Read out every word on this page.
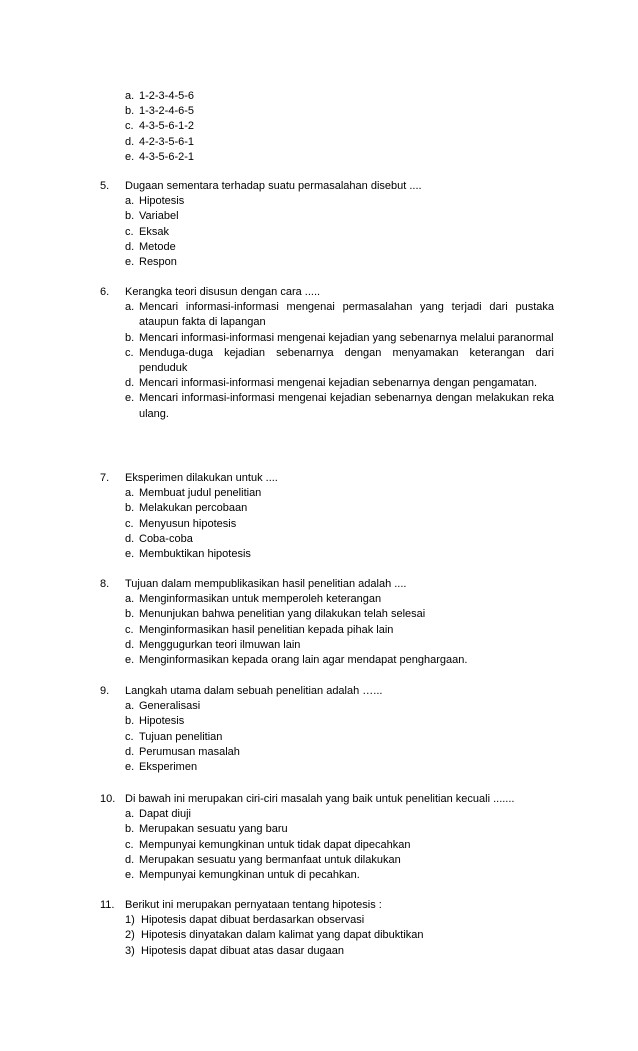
a. 1-2-3-4-5-6
b. 1-3-2-4-6-5
c. 4-3-5-6-1-2
d. 4-2-3-5-6-1
e. 4-3-5-6-2-1
5.	Dugaan sementara terhadap suatu permasalahan disebut ....
a. Hipotesis
b. Variabel
c. Eksak
d. Metode
e. Respon
6.	Kerangka teori disusun dengan cara .....
a. Mencari informasi-informasi mengenai permasalahan yang terjadi dari pustaka ataupun fakta di lapangan
b. Mencari informasi-informasi mengenai kejadian yang sebenarnya melalui paranormal
c. Menduga-duga kejadian sebenarnya dengan menyamakan keterangan dari penduduk
d. Mencari informasi-informasi mengenai kejadian sebenarnya dengan pengamatan.
e. Mencari informasi-informasi mengenai kejadian sebenarnya dengan melakukan reka ulang.
7.	Eksperimen dilakukan untuk ....
a. Membuat judul penelitian
b. Melakukan percobaan
c. Menyusun hipotesis
d. Coba-coba
e. Membuktikan hipotesis
8.	Tujuan dalam mempublikasikan hasil penelitian adalah ....
a. Menginformasikan untuk memperoleh keterangan
b. Menunjukan bahwa penelitian yang dilakukan telah selesai
c. Menginformasikan hasil penelitian kepada pihak lain
d. Menggugurkan teori ilmuwan lain
e. Menginformasikan kepada orang lain agar mendapat penghargaan.
9.	Langkah utama dalam sebuah penelitian adalah …...
a. Generalisasi
b. Hipotesis
c. Tujuan penelitian
d. Perumusan masalah
e. Eksperimen
10. Di bawah ini merupakan ciri-ciri masalah yang baik untuk penelitian kecuali .......
a. Dapat diuji
b. Merupakan sesuatu yang baru
c. Mempunyai kemungkinan untuk tidak dapat dipecahkan
d. Merupakan sesuatu yang bermanfaat untuk dilakukan
e. Mempunyai kemungkinan untuk di pecahkan.
11. Berikut ini merupakan pernyataan tentang hipotesis :
1) Hipotesis dapat dibuat berdasarkan observasi
2) Hipotesis dinyatakan dalam kalimat yang dapat dibuktikan
3) Hipotesis dapat dibuat atas dasar dugaan
